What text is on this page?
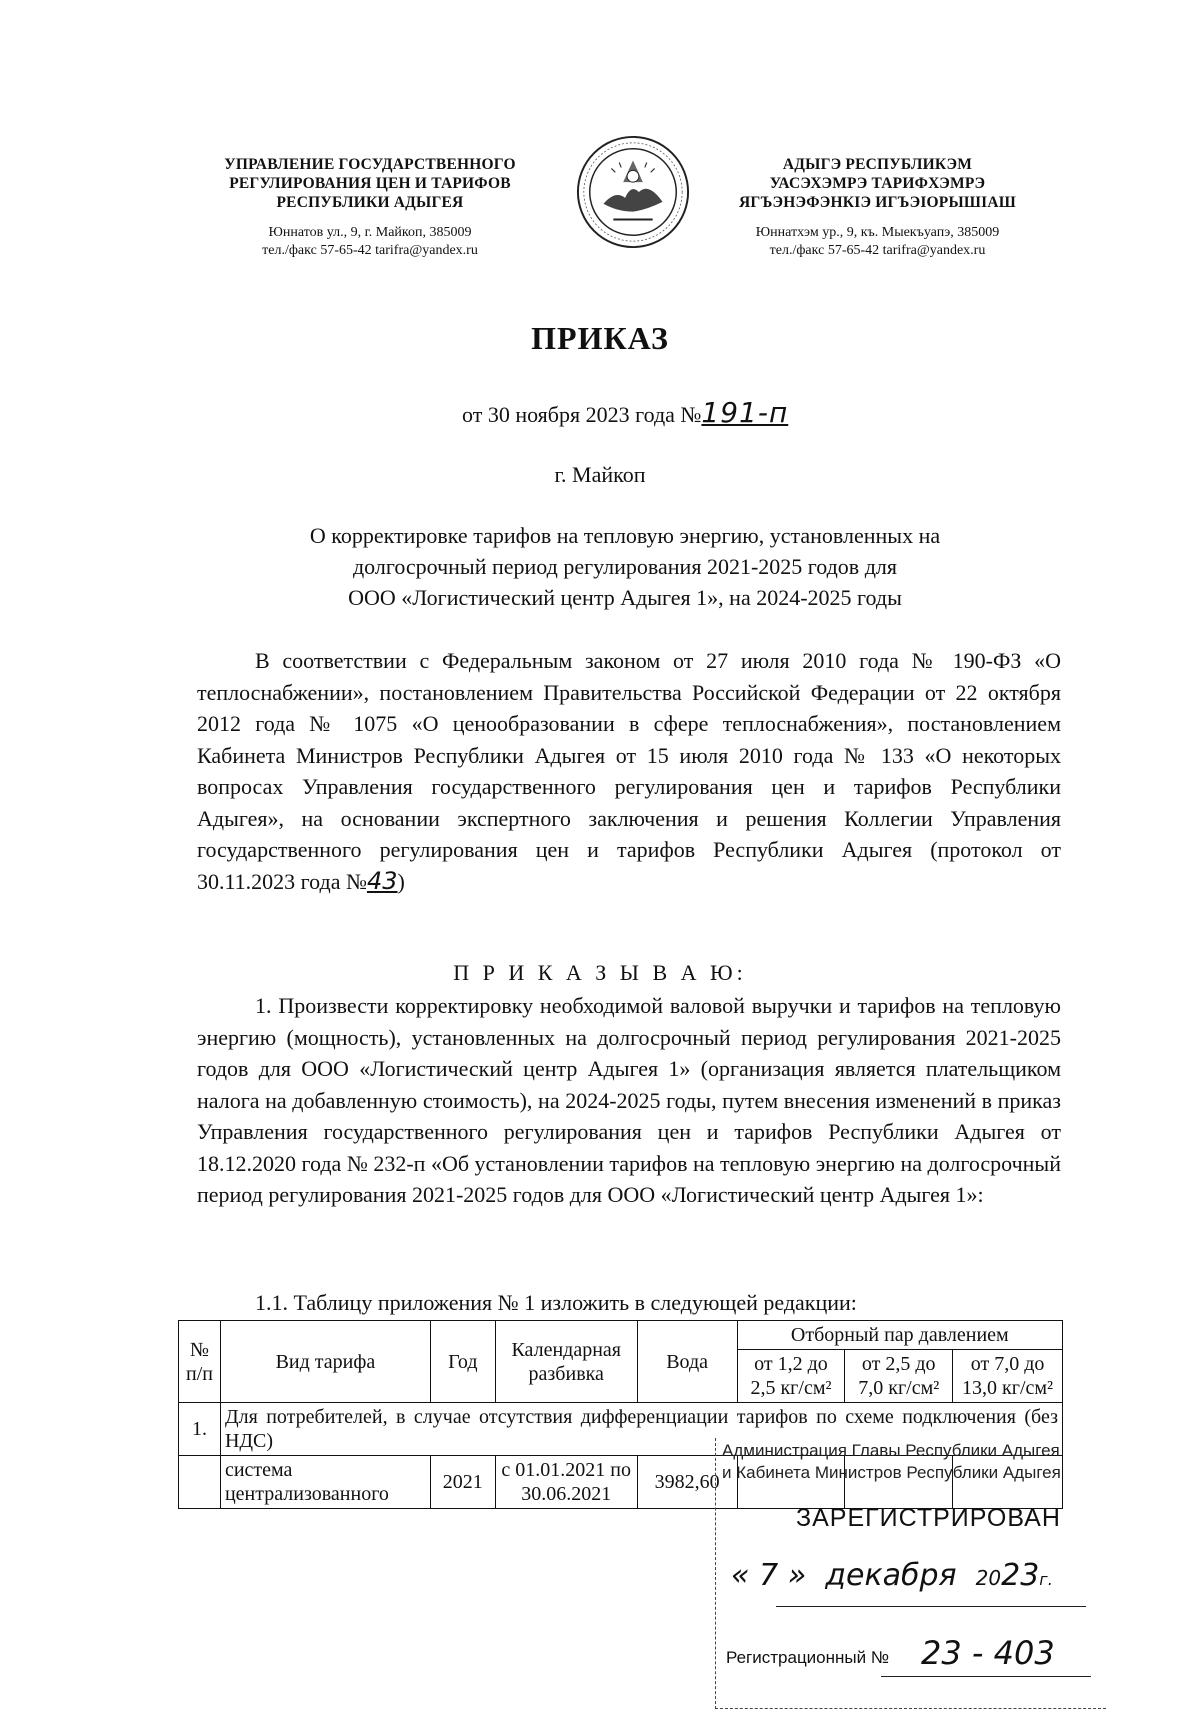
УПРАВЛЕНИЕ ГОСУДАРСТВЕННОГО
РЕГУЛИРОВАНИЯ ЦЕН И ТАРИФОВ
РЕСПУБЛИКИ АДЫГЕЯ
Юннатов ул., 9, г. Майкоп, 385009
тел./факс 57-65-42 tarifra@yandex.ru
АДЫГЭ РЕСПУБЛИКЭМ
УАСЭХЭМРЭ ТАРИФХЭМРЭ
ЯГЪЭНЭФЭНКIЭ ИГЪЭIОРЫШIАШ
Юннатхэм ур., 9, къ. Мыекъуапэ, 385009
тел./факс 57-65-42 tarifra@yandex.ru
ПРИКАЗ
от 30 ноября 2023 года №191-п
г. Майкоп
О корректировке тарифов на тепловую энергию, установленных на
долгосрочный период регулирования 2021-2025 годов для
ООО «Логистический центр Адыгея 1», на 2024-2025 годы
В соответствии с Федеральным законом от 27 июля 2010 года № 190-ФЗ «О теплоснабжении», постановлением Правительства Российской Федерации от 22 октября 2012 года № 1075 «О ценообразовании в сфере теплоснабжения», постановлением Кабинета Министров Республики Адыгея от 15 июля 2010 года № 133 «О некоторых вопросах Управления государственного регулирования цен и тарифов Республики Адыгея», на основании экспертного заключения и решения Коллегии Управления государственного регулирования цен и тарифов Республики Адыгея (протокол от 30.11.2023 года №43)
П Р И К А З Ы В А Ю:
1. Произвести корректировку необходимой валовой выручки и тарифов на тепловую энергию (мощность), установленных на долгосрочный период регулирования 2021-2025 годов для ООО «Логистический центр Адыгея 1» (организация является плательщиком налога на добавленную стоимость), на 2024-2025 годы, путем внесения изменений в приказ Управления государственного регулирования цен и тарифов Республики Адыгея от 18.12.2020 года № 232-п «Об установлении тарифов на тепловую энергию на долгосрочный период регулирования 2021-2025 годов для ООО «Логистический центр Адыгея 1»:
1.1. Таблицу приложения № 1 изложить в следующей редакции:
№ п/п	Вид тарифа	Год	Календарная разбивка	Вода	Отборный пар давлением		
					от 1,2 до 2,5 кг/см²	от 2,5 до 7,0 кг/см²	от 7,0 до 13,0 кг/см²
1.	Для потребителей, в случае отсутствия дифференциации тарифов по схеме подключения (без НДС)						
	система централизованного	2021	с 01.01.2021 по 30.06.2021	3982,60			
Администрация Главы Республики Адыгея
и Кабинета Министров Республики Адыгея
ЗАРЕГИСТРИРОВАН
« 7 »  декабря 2023г.
Регистрационный № 23 - 403
